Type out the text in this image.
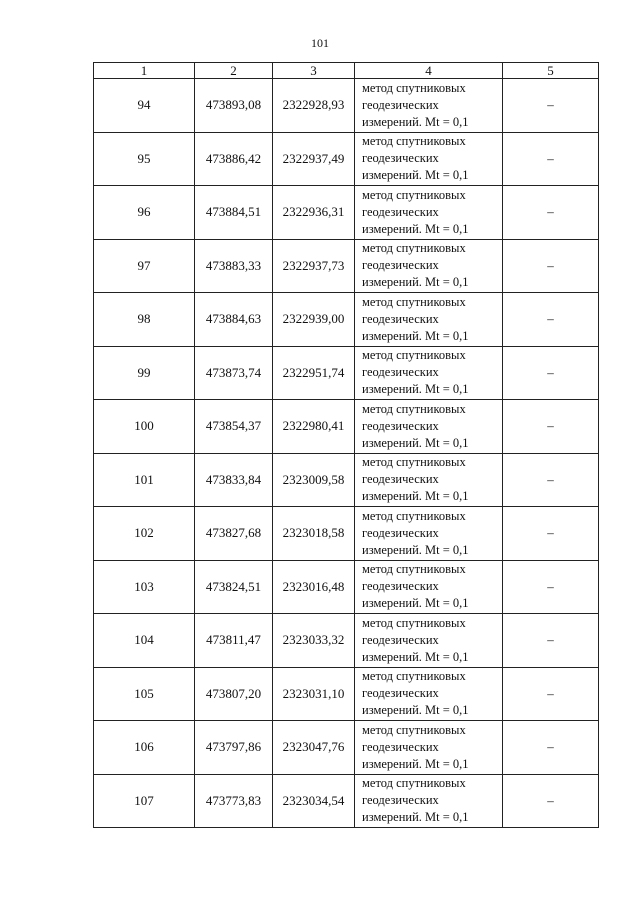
101
1	2	3	4	5
94	473893,08	2322928,93	метод спутниковых
геодезических
измерений. Mt = 0,1	–
95	473886,42	2322937,49	метод спутниковых
геодезических
измерений. Mt = 0,1	–
96	473884,51	2322936,31	метод спутниковых
геодезических
измерений. Mt = 0,1	–
97	473883,33	2322937,73	метод спутниковых
геодезических
измерений. Mt = 0,1	–
98	473884,63	2322939,00	метод спутниковых
геодезических
измерений. Mt = 0,1	–
99	473873,74	2322951,74	метод спутниковых
геодезических
измерений. Mt = 0,1	–
100	473854,37	2322980,41	метод спутниковых
геодезических
измерений. Mt = 0,1	–
101	473833,84	2323009,58	метод спутниковых
геодезических
измерений. Mt = 0,1	–
102	473827,68	2323018,58	метод спутниковых
геодезических
измерений. Mt = 0,1	–
103	473824,51	2323016,48	метод спутниковых
геодезических
измерений. Mt = 0,1	–
104	473811,47	2323033,32	метод спутниковых
геодезических
измерений. Mt = 0,1	–
105	473807,20	2323031,10	метод спутниковых
геодезических
измерений. Mt = 0,1	–
106	473797,86	2323047,76	метод спутниковых
геодезических
измерений. Mt = 0,1	–
107	473773,83	2323034,54	метод спутниковых
геодезических
измерений. Mt = 0,1	–
